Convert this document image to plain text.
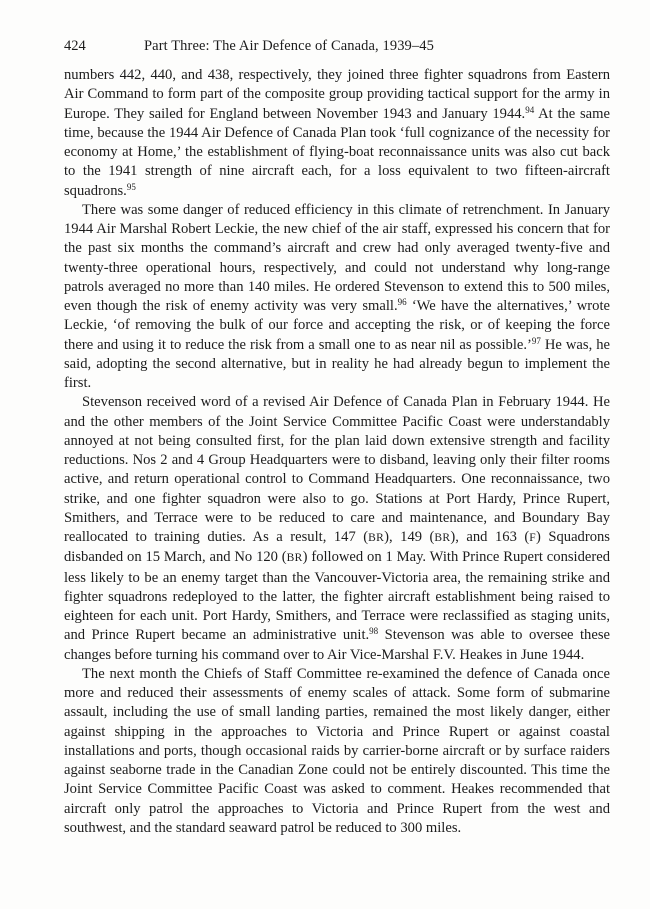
424	Part Three: The Air Defence of Canada, 1939–45

numbers 442, 440, and 438, respectively, they joined three fighter squadrons from Eastern Air Command to form part of the composite group providing tactical support for the army in Europe. They sailed for England between November 1943 and January 1944.94 At the same time, because the 1944 Air Defence of Canada Plan took ‘full cognizance of the necessity for economy at Home,’ the establishment of flying-boat reconnaissance units was also cut back to the 1941 strength of nine aircraft each, for a loss equivalent to two fifteen-aircraft squadrons.$^{95}$

There was some danger of reduced efficiency in this climate of retrenchment. In January 1944 Air Marshal Robert Leckie, the new chief of the air staff, expressed his concern that for the past six months the command’s aircraft and crew had only averaged twenty-five and twenty-three operational hours, respectively, and could not understand why long-range patrols averaged no more than 140 miles. He ordered Stevenson to extend this to 500 miles, even though the risk of enemy activity was very small.$^{96}$ ‘We have the alternatives,’ wrote Leckie, ‘of removing the bulk of our force and accepting the risk, or of keeping the force there and using it to reduce the risk from a small one to as near nil as possible.’$^{97}$ He was, he said, adopting the second alternative, but in reality he had already begun to implement the first.

Stevenson received word of a revised Air Defence of Canada Plan in February 1944. He and the other members of the Joint Service Committee Pacific Coast were understandably annoyed at not being consulted first, for the plan laid down extensive strength and facility reductions. Nos 2 and 4 Group Headquarters were to disband, leaving only their filter rooms active, and return operational control to Command Headquarters. One reconnaissance, two strike, and one fighter squadron were also to go. Stations at Port Hardy, Prince Rupert, Smithers, and Terrace were to be reduced to care and maintenance, and Boundary Bay reallocated to training duties. As a result, 147 (BR), 149 (BR), and 163 (F) Squadrons disbanded on 15 March, and No 120 (BR) followed on 1 May. With Prince Rupert considered less likely to be an enemy target than the Vancouver-Victoria area, the remaining strike and fighter squadrons redeployed to the latter, the fighter aircraft establishment being raised to eighteen for each unit. Port Hardy, Smithers, and Terrace were reclassified as staging units, and Prince Rupert became an administrative unit.$^{98}$ Stevenson was able to oversee these changes before turning his command over to Air Vice-Marshal F.V. Heakes in June 1944.

The next month the Chiefs of Staff Committee re-examined the defence of Canada once more and reduced their assessments of enemy scales of attack. Some form of submarine assault, including the use of small landing parties, remained the most likely danger, either against shipping in the approaches to Victoria and Prince Rupert or against coastal installations and ports, though occasional raids by carrier-borne aircraft or by surface raiders against seaborne trade in the Canadian Zone could not be entirely discounted. This time the Joint Service Committee Pacific Coast was asked to comment. Heakes recommended that aircraft only patrol the approaches to Victoria and Prince Rupert from the west and southwest, and the standard seaward patrol be reduced to 300 miles.
